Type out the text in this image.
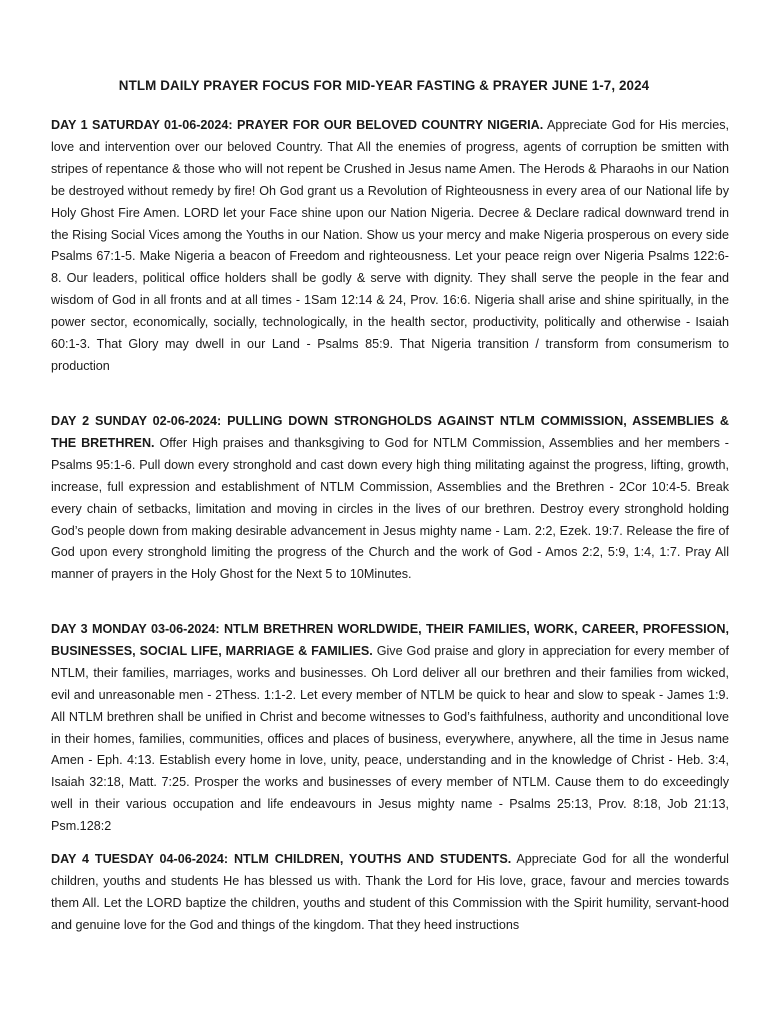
NTLM DAILY PRAYER FOCUS FOR MID-YEAR FASTING & PRAYER JUNE 1-7, 2024

DAY 1 SATURDAY 01-06-2024: PRAYER FOR OUR BELOVED COUNTRY NIGERIA. Appreciate God for His mercies, love and intervention over our beloved Country. That All the enemies of progress, agents of corruption be smitten with stripes of repentance & those who will not repent be Crushed in Jesus name Amen. The Herods & Pharaohs in our Nation be destroyed without remedy by fire! Oh God grant us a Revolution of Righteousness in every area of our National life by Holy Ghost Fire Amen. LORD let your Face shine upon our Nation Nigeria. Decree & Declare radical downward trend in the Rising Social Vices among the Youths in our Nation. Show us your mercy and make Nigeria prosperous on every side Psalms 67:1-5. Make Nigeria a beacon of Freedom and righteousness. Let your peace reign over Nigeria Psalms 122:6-8. Our leaders, political office holders shall be godly & serve with dignity. They shall serve the people in the fear and wisdom of God in all fronts and at all times - 1Sam 12:14 & 24, Prov. 16:6. Nigeria shall arise and shine spiritually, in the power sector, economically, socially, technologically, in the health sector, productivity, politically and otherwise - Isaiah 60:1-3. That Glory may dwell in our Land - Psalms 85:9. That Nigeria transition / transform from consumerism to production

DAY 2 SUNDAY 02-06-2024: PULLING DOWN STRONGHOLDS AGAINST NTLM COMMISSION, ASSEMBLIES & THE BRETHREN. Offer High praises and thanksgiving to God for NTLM Commission, Assemblies and her members - Psalms 95:1-6. Pull down every stronghold and cast down every high thing militating against the progress, lifting, growth, increase, full expression and establishment of NTLM Commission, Assemblies and the Brethren - 2Cor 10:4-5. Break every chain of setbacks, limitation and moving in circles in the lives of our brethren. Destroy every stronghold holding God’s people down from making desirable advancement in Jesus mighty name - Lam. 2:2, Ezek. 19:7. Release the fire of God upon every stronghold limiting the progress of the Church and the work of God - Amos 2:2, 5:9, 1:4, 1:7. Pray All manner of prayers in the Holy Ghost for the Next 5 to 10Minutes.

DAY 3 MONDAY 03-06-2024: NTLM BRETHREN WORLDWIDE, THEIR FAMILIES, WORK, CAREER, PROFESSION, BUSINESSES, SOCIAL LIFE, MARRIAGE & FAMILIES. Give God praise and glory in appreciation for every member of NTLM, their families, marriages, works and businesses. Oh Lord deliver all our brethren and their families from wicked, evil and unreasonable men - 2Thess. 1:1-2. Let every member of NTLM be quick to hear and slow to speak - James 1:9. All NTLM brethren shall be unified in Christ and become witnesses to God’s faithfulness, authority and unconditional love in their homes, families, communities, offices and places of business, everywhere, anywhere, all the time in Jesus name Amen - Eph. 4:13. Establish every home in love, unity, peace, understanding and in the knowledge of Christ - Heb. 3:4, Isaiah 32:18, Matt. 7:25. Prosper the works and businesses of every member of NTLM. Cause them to do exceedingly well in their various occupation and life endeavours in Jesus mighty name - Psalms 25:13, Prov. 8:18, Job 21:13, Psm.128:2

DAY 4 TUESDAY 04-06-2024: NTLM CHILDREN, YOUTHS AND STUDENTS. Appreciate God for all the wonderful children, youths and students He has blessed us with. Thank the Lord for His love, grace, favour and mercies towards them All. Let the LORD baptize the children, youths and student of this Commission with the Spirit humility, servant-hood and genuine love for the God and things of the kingdom. That they heed instructions
